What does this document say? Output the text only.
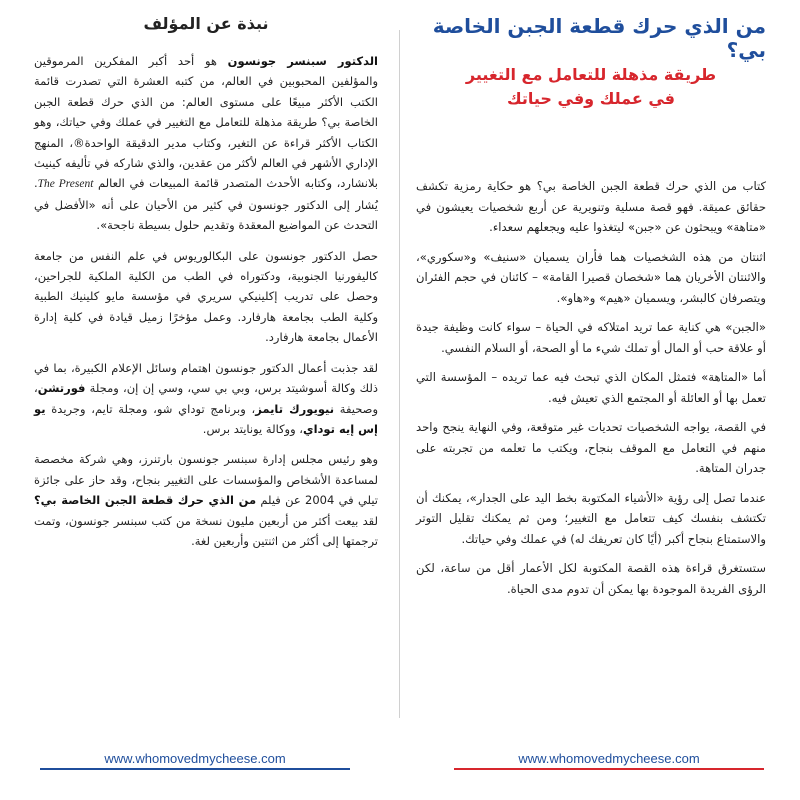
من الذي حرك قطعة الجبن الخاصة بي؟
طريقة مذهلة للتعامل مع التغيير
في عملك وفي حياتك

كتاب من الذي حرك قطعة الجبن الخاصة بي؟ هو حكاية رمزية تكشف حقائق عميقة. فهو قصة مسلية وتنويرية عن أربع شخصيات يعيشون في «متاهة» ويبحثون عن «جبن» ليتغذوا عليه ويجعلهم سعداء.

اثنتان من هذه الشخصيات هما فأران يسميان «سنيف» و«سكوري»، والاثنتان الأخريان هما «شخصان قصيرا القامة» – كائنان في حجم الفئران ويتصرفان كالبشر، ويسميان «هيم» و«هاو».

«الجبن» هي كناية عما تريد امتلاكه في الحياة – سواء كانت وظيفة جيدة أو علاقة حب أو المال أو تملك شيء ما أو الصحة، أو السلام النفسي.

أما «المتاهة» فتمثل المكان الذي تبحث فيه عما تريده – المؤسسة التي تعمل بها أو العائلة أو المجتمع الذي تعيش فيه.

في القصة، يواجه الشخصيات تحديات غير متوقعة، وفي النهاية ينجح واحد منهم في التعامل مع الموقف بنجاح، ويكتب ما تعلمه من تجربته على جدران المتاهة.

عندما تصل إلى رؤية «الأشياء المكتوبة بخط اليد على الجدار»، يمكنك أن تكتشف بنفسك كيف تتعامل مع التغيير؛ ومن ثم يمكنك تقليل التوتر والاستمتاع بنجاح أكبر (أيًا كان تعريفك له) في عملك وفي حياتك.

ستستغرق قراءة هذه القصة المكتوبة لكل الأعمار أقل من ساعة، لكن الرؤى الفريدة الموجودة بها يمكن أن تدوم مدى الحياة.

www.whomovedmycheese.com
نبذة عن المؤلف

الدكتور سبنسر جونسون هو أحد أكبر المفكرين المرموقين والمؤلفين المحبوبين في العالم، من كتبه العشرة التي تصدرت قائمة الكتب الأكثر مبيعًا على مستوى العالم: من الذي حرك قطعة الجبن الخاصة بي؟ طريقة مذهلة للتعامل مع التغيير في عملك وفي حياتك، وهو الكتاب الأكثر قراءة عن التغير، وكتاب مدير الدقيقة الواحدة®، المنهج الإداري الأشهر في العالم لأكثر من عقدين، والذي شاركه في تأليفه كينيث بلانشارد، وكتابه الأحدث المتصدر قائمة المبيعات في العالم The Present. يُشار إلى الدكتور جونسون في كثير من الأحيان على أنه «الأفضل في التحدث عن المواضيع المعقدة وتقديم حلول بسيطة ناجحة».

حصل الدكتور جونسون على البكالوريوس في علم النفس من جامعة كاليفورنيا الجنوبية، ودكتوراه في الطب من الكلية الملكية للجراحين، وحصل على تدريب إكلينيكي سريري في مؤسسة مايو كلينيك الطبية وكلية الطب بجامعة هارفارد. وعمل مؤخرًا زميل قيادة في كلية إدارة الأعمال بجامعة هارفارد.

لقد جذبت أعمال الدكتور جونسون اهتمام وسائل الإعلام الكبيرة، بما في ذلك وكالة أسوشيتد برس، وبي بي سي، وسي إن إن، ومجلة فورتشن، وصحيفة نيويورك تايمز، وبرنامج توداي شو، ومجلة تايم، وجريدة يو إس إيه توداي، ووكالة يونايتد برس.

وهو رئيس مجلس إدارة سبنسر جونسون بارتنرز، وهي شركة مخصصة لمساعدة الأشخاص والمؤسسات على التغيير بنجاح، وقد حاز على جائزة تيلي في 2004 عن فيلم من الذي حرك قطعة الجبن الخاصة بي؟ لقد بيعت أكثر من أربعين مليون نسخة من كتب سبنسر جونسون، وتمت ترجمتها إلى أكثر من اثنتين وأربعين لغة.

www.whomovedmycheese.com
